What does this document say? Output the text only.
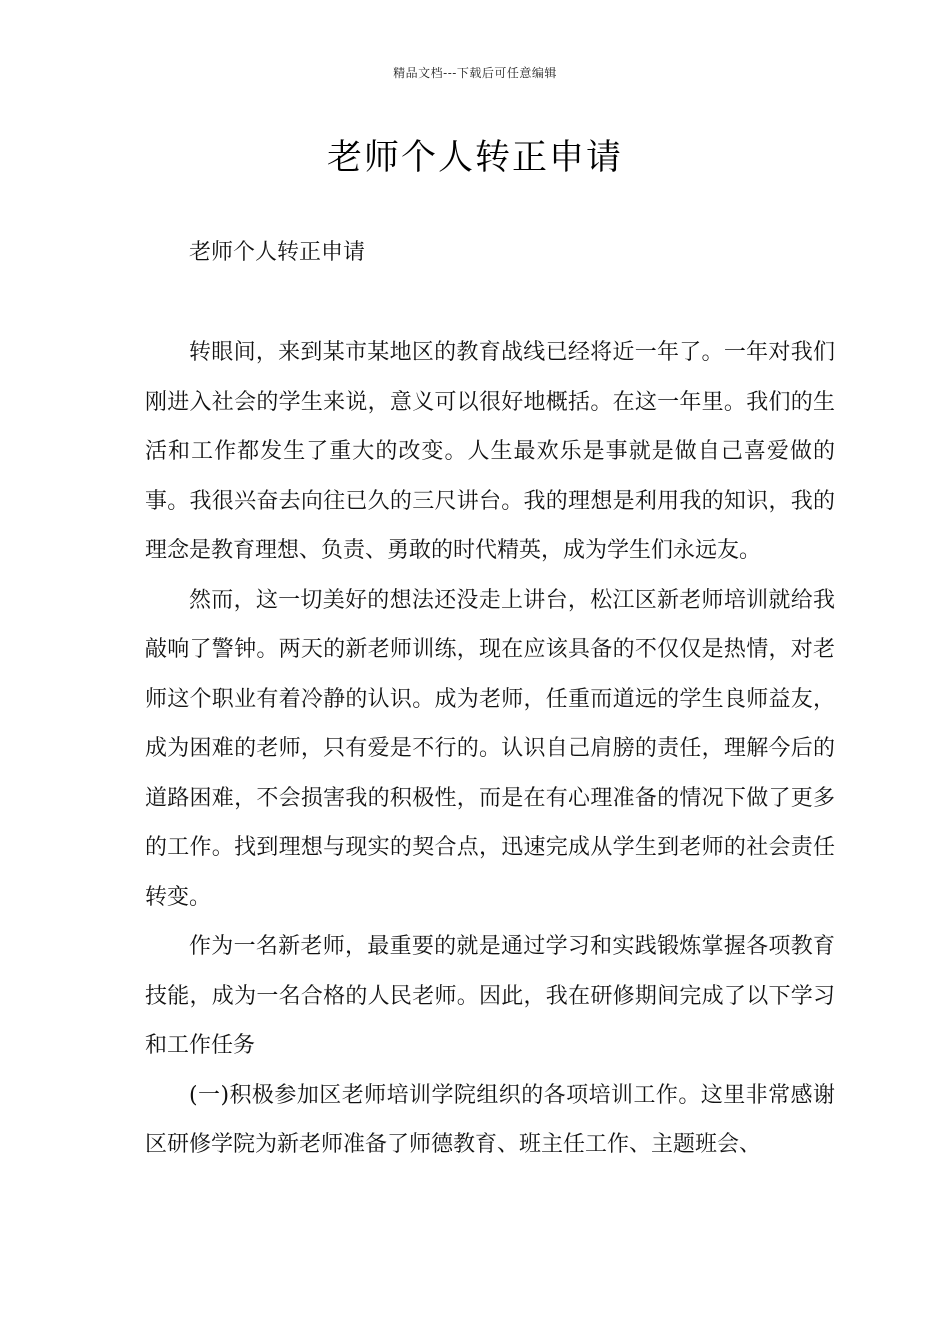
精品文档---下载后可任意编辑
老师个人转正申请

老师个人转正申请

转眼间，来到某市某地区的教育战线已经将近一年了。一年对我们刚进入社会的学生来说，意义可以很好地概括。在这一年里。我们的生活和工作都发生了重大的改变。人生最欢乐是事就是做自己喜爱做的事。我很兴奋去向往已久的三尺讲台。我的理想是利用我的知识，我的理念是教育理想、负责、勇敢的时代精英，成为学生们永远友。

然而，这一切美好的想法还没走上讲台，松江区新老师培训就给我敲响了警钟。两天的新老师训练，现在应该具备的不仅仅是热情，对老师这个职业有着冷静的认识。成为老师，任重而道远的学生良师益友，成为困难的老师，只有爱是不行的。认识自己肩膀的责任，理解今后的道路困难，不会损害我的积极性，而是在有心理准备的情况下做了更多的工作。找到理想与现实的契合点，迅速完成从学生到老师的社会责任转变。

作为一名新老师，最重要的就是通过学习和实践锻炼掌握各项教育技能，成为一名合格的人民老师。因此，我在研修期间完成了以下学习和工作任务

(一)积极参加区老师培训学院组织的各项培训工作。这里非常感谢区研修学院为新老师准备了师德教育、班主任工作、主题班会、
